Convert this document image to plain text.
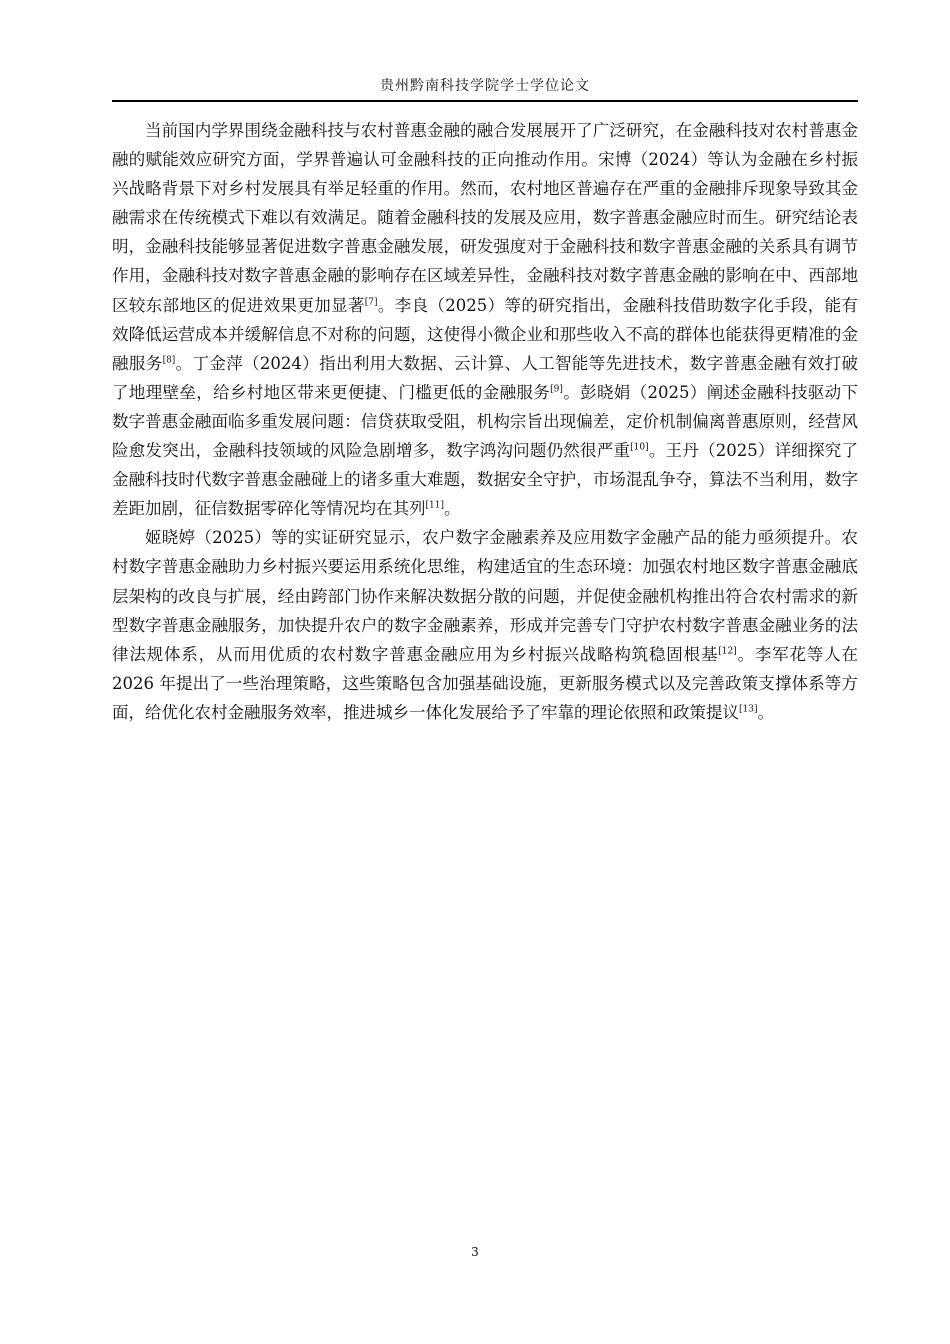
贵州黔南科技学院学士学位论文

当前国内学界围绕金融科技与农村普惠金融的融合发展展开了广泛研究，在金融科技对农村普惠金融的赋能效应研究方面，学界普遍认可金融科技的正向推动作用。宋博（2024）等认为金融在乡村振兴战略背景下对乡村发展具有举足轻重的作用。然而，农村地区普遍存在严重的金融排斥现象导致其金融需求在传统模式下难以有效满足。随着金融科技的发展及应用，数字普惠金融应时而生。研究结论表明，金融科技能够显著促进数字普惠金融发展，研发强度对于金融科技和数字普惠金融的关系具有调节作用，金融科技对数字普惠金融的影响存在区域差异性，金融科技对数字普惠金融的影响在中、西部地区较东部地区的促进效果更加显著[7]。李良（2025）等的研究指出，金融科技借助数字化手段，能有效降低运营成本并缓解信息不对称的问题，这使得小微企业和那些收入不高的群体也能获得更精准的金融服务[8]。丁金萍（2024）指出利用大数据、云计算、人工智能等先进技术，数字普惠金融有效打破了地理壁垒，给乡村地区带来更便捷、门槛更低的金融服务[9]。彭晓娟（2025）阐述金融科技驱动下数字普惠金融面临多重发展问题：信贷获取受阻，机构宗旨出现偏差，定价机制偏离普惠原则，经营风险愈发突出，金融科技领域的风险急剧增多，数字鸿沟问题仍然很严重[10]。王丹（2025）详细探究了金融科技时代数字普惠金融碰上的诸多重大难题，数据安全守护，市场混乱争夺，算法不当利用，数字差距加剧，征信数据零碎化等情况均在其列[11]。

姬晓婷（2025）等的实证研究显示，农户数字金融素养及应用数字金融产品的能力亟须提升。农村数字普惠金融助力乡村振兴要运用系统化思维，构建适宜的生态环境：加强农村地区数字普惠金融底层架构的改良与扩展，经由跨部门协作来解决数据分散的问题，并促使金融机构推出符合农村需求的新型数字普惠金融服务，加快提升农户的数字金融素养，形成并完善专门守护农村数字普惠金融业务的法律法规体系，从而用优质的农村数字普惠金融应用为乡村振兴战略构筑稳固根基[12]。李军花等人在 2026 年提出了一些治理策略，这些策略包含加强基础设施，更新服务模式以及完善政策支撑体系等方面，给优化农村金融服务效率，推进城乡一体化发展给予了牢靠的理论依照和政策提议[13]。

3
